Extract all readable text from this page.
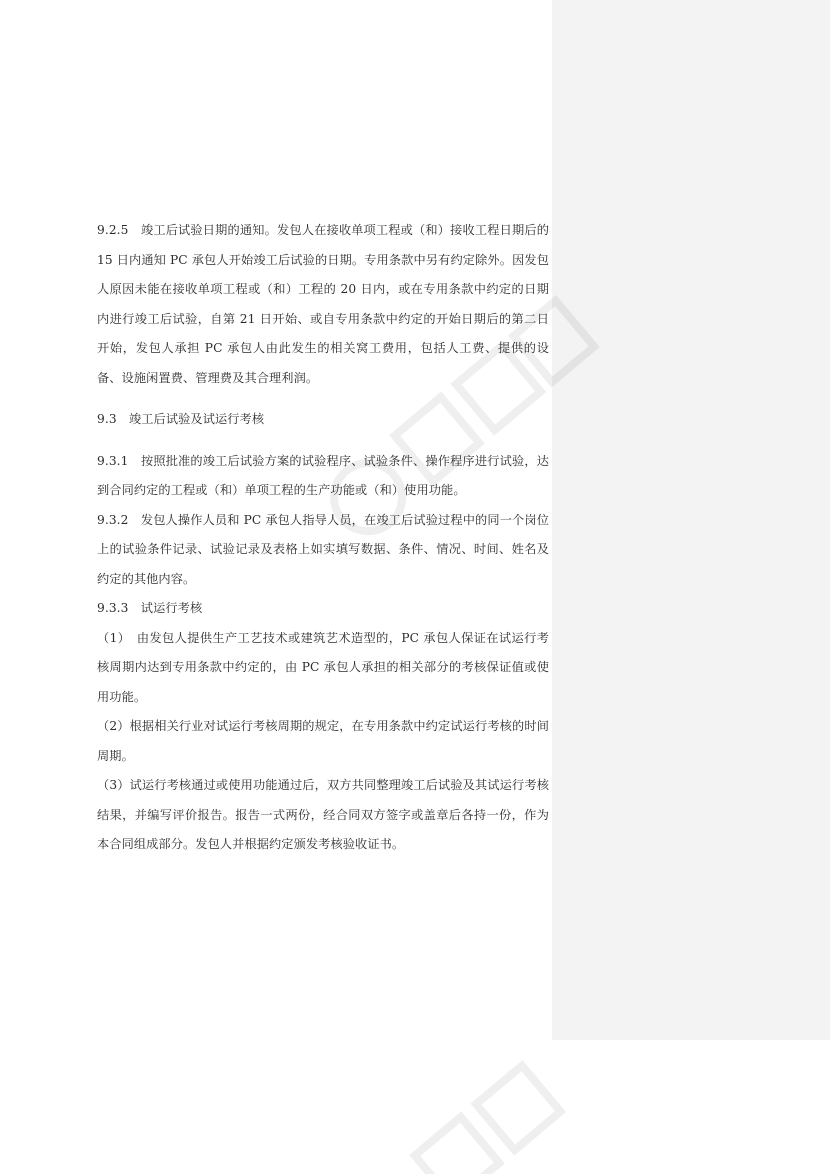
9.2.5　竣工后试验日期的通知。发包人在接收单项工程或（和）接收工程日期后的 15 日内通知 PC 承包人开始竣工后试验的日期。专用条款中另有约定除外。因发包人原因未能在接收单项工程或（和）工程的 20 日内，或在专用条款中约定的日期内进行竣工后试验，自第 21 日开始、或自专用条款中约定的开始日期后的第二日开始，发包人承担 PC 承包人由此发生的相关窝工费用，包括人工费、提供的设备、设施闲置费、管理费及其合理利润。

9.3　竣工后试验及试运行考核

9.3.1　按照批准的竣工后试验方案的试验程序、试验条件、操作程序进行试验，达到合同约定的工程或（和）单项工程的生产功能或（和）使用功能。

9.3.2　发包人操作人员和 PC 承包人指导人员，在竣工后试验过程中的同一个岗位上的试验条件记录、试验记录及表格上如实填写数据、条件、情况、时间、姓名及约定的其他内容。

9.3.3　试运行考核

（1）　由发包人提供生产工艺技术或建筑艺术造型的，PC 承包人保证在试运行考核周期内达到专用条款中约定的，由 PC 承包人承担的相关部分的考核保证值或使用功能。

（2）根据相关行业对试运行考核周期的规定，在专用条款中约定试运行考核的时间周期。

（3）试运行考核通过或使用功能通过后，双方共同整理竣工后试验及其试运行考核结果，并编写评价报告。报告一式两份，经合同双方签字或盖章后各持一份，作为本合同组成部分。发包人并根据约定颁发考核验收证书。
